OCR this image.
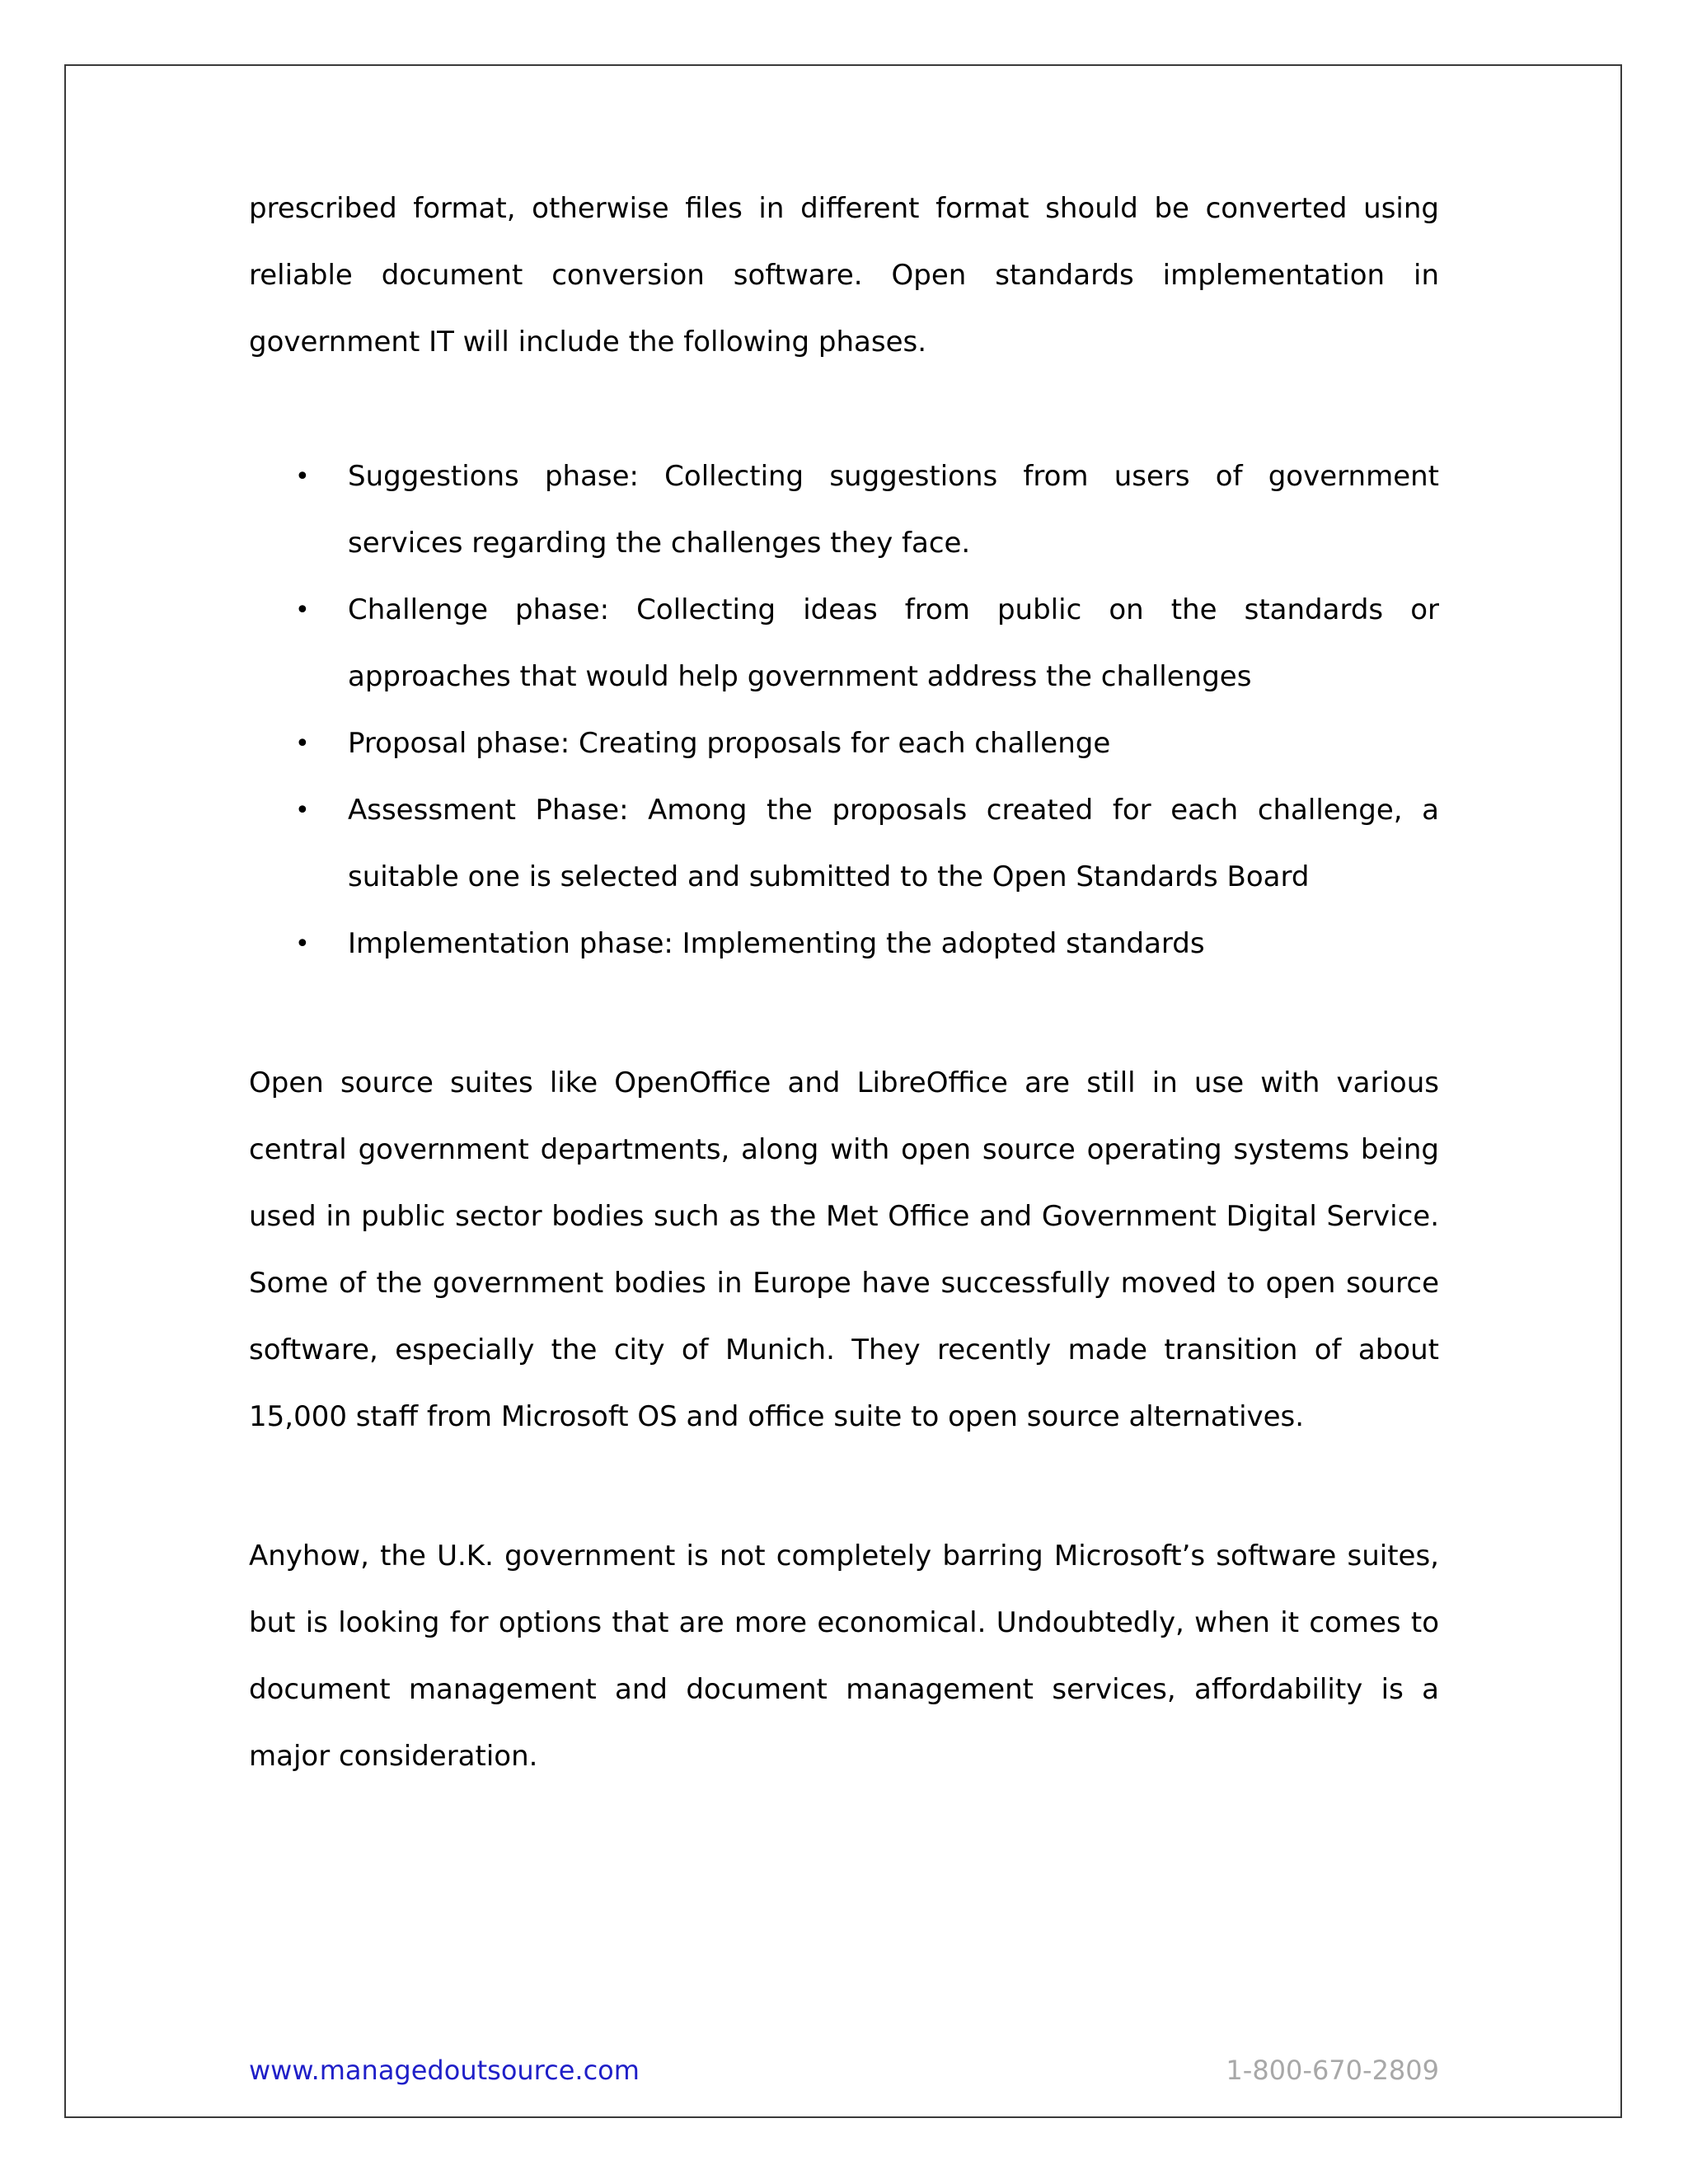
prescribed format, otherwise files in different format should be converted using reliable document conversion software. Open standards implementation in government IT will include the following phases.

• Suggestions phase: Collecting suggestions from users of government services regarding the challenges they face.
• Challenge phase: Collecting ideas from public on the standards or approaches that would help government address the challenges
• Proposal phase: Creating proposals for each challenge
• Assessment Phase: Among the proposals created for each challenge, a suitable one is selected and submitted to the Open Standards Board
• Implementation phase: Implementing the adopted standards

Open source suites like OpenOffice and LibreOffice are still in use with various central government departments, along with open source operating systems being used in public sector bodies such as the Met Office and Government Digital Service. Some of the government bodies in Europe have successfully moved to open source software, especially the city of Munich. They recently made transition of about 15,000 staff from Microsoft OS and office suite to open source alternatives.

Anyhow, the U.K. government is not completely barring Microsoft’s software suites, but is looking for options that are more economical. Undoubtedly, when it comes to document management and document management services, affordability is a major consideration.

www.managedoutsource.com	1-800-670-2809
